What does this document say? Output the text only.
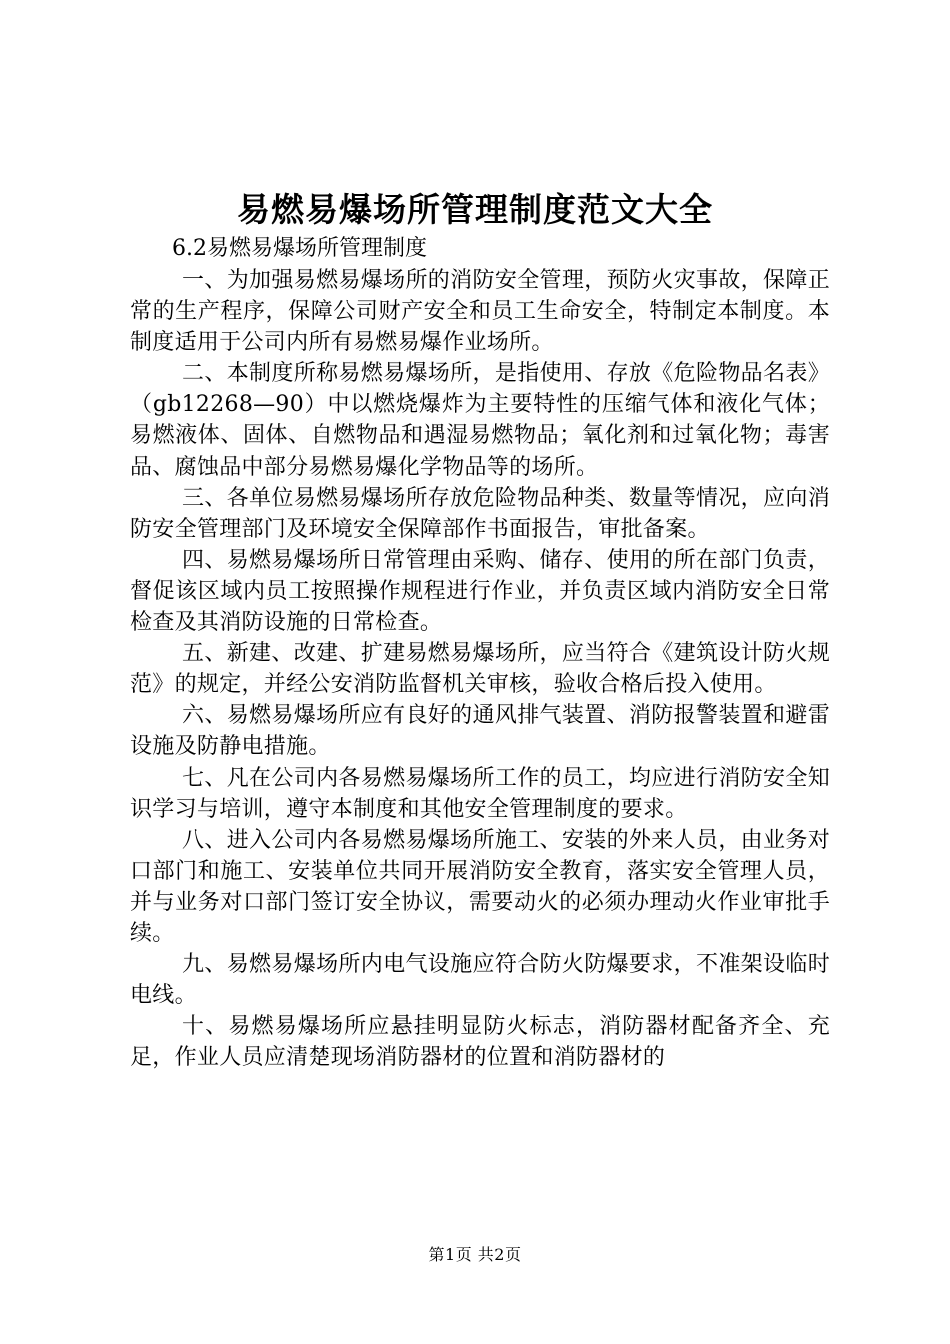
易燃易爆场所管理制度范文大全
6.2易燃易爆场所管理制度

一、为加强易燃易爆场所的消防安全管理，预防火灾事故，保障正常的生产程序，保障公司财产安全和员工生命安全，特制定本制度。本制度适用于公司内所有易燃易爆作业场所。

二、本制度所称易燃易爆场所，是指使用、存放《危险物品名表》（gb12268—90）中以燃烧爆炸为主要特性的压缩气体和液化气体；易燃液体、固体、自燃物品和遇湿易燃物品；氧化剂和过氧化物；毒害品、腐蚀品中部分易燃易爆化学物品等的场所。

三、各单位易燃易爆场所存放危险物品种类、数量等情况，应向消防安全管理部门及环境安全保障部作书面报告，审批备案。

四、易燃易爆场所日常管理由采购、储存、使用的所在部门负责，督促该区域内员工按照操作规程进行作业，并负责区域内消防安全日常检查及其消防设施的日常检查。

五、新建、改建、扩建易燃易爆场所，应当符合《建筑设计防火规范》的规定，并经公安消防监督机关审核，验收合格后投入使用。

六、易燃易爆场所应有良好的通风排气装置、消防报警装置和避雷设施及防静电措施。

七、凡在公司内各易燃易爆场所工作的员工，均应进行消防安全知识学习与培训，遵守本制度和其他安全管理制度的要求。

八、进入公司内各易燃易爆场所施工、安装的外来人员，由业务对口部门和施工、安装单位共同开展消防安全教育，落实安全管理人员，并与业务对口部门签订安全协议，需要动火的必须办理动火作业审批手续。

九、易燃易爆场所内电气设施应符合防火防爆要求，不准架设临时电线。

十、易燃易爆场所应悬挂明显防火标志，消防器材配备齐全、充足，作业人员应清楚现场消防器材的位置和消防器材的

第1页 共2页
